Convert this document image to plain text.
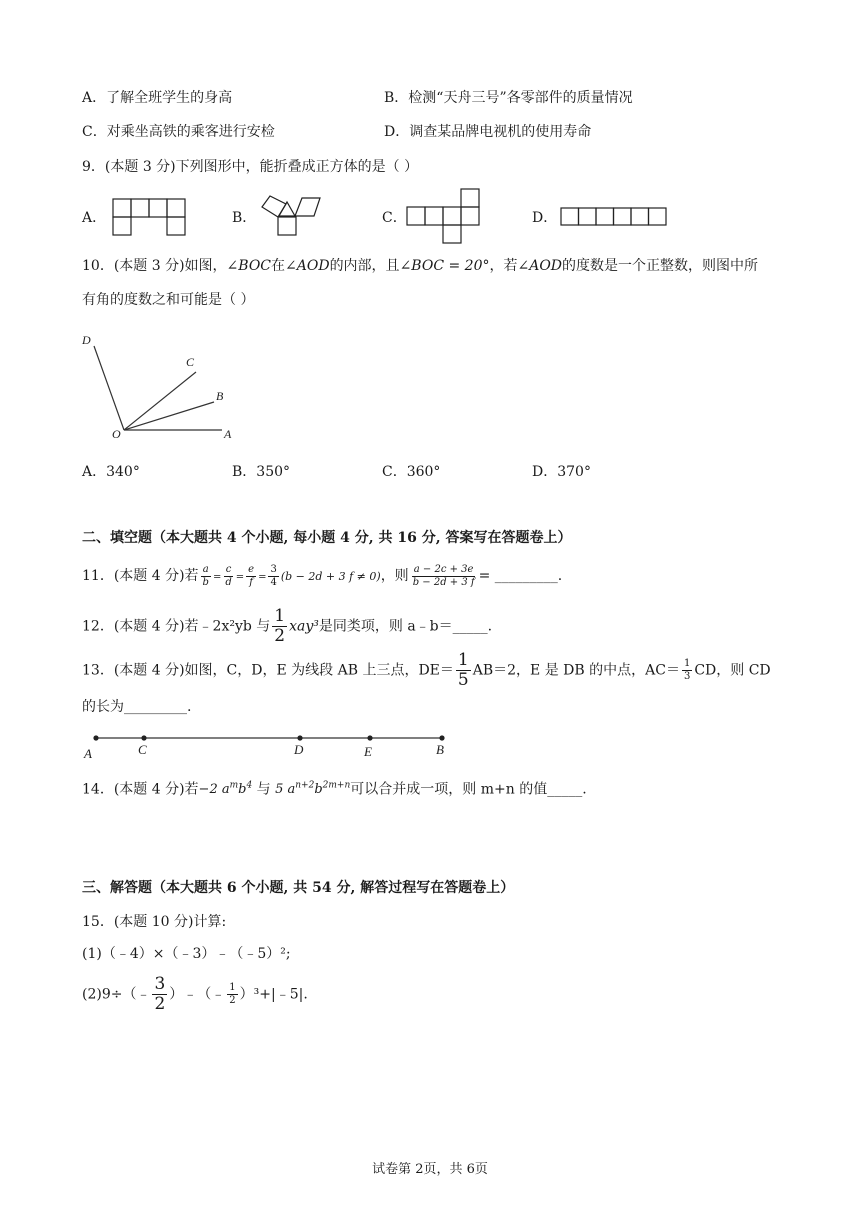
A．了解全班学生的身高	B．检测“天舟三号”各零部件的质量情况
C．对乘坐高铁的乘客进行安检	D．调查某品牌电视机的使用寿命
9．(本题 3 分)下列图形中，能折叠成正方体的是（ ）
A．	B．	C．	D．
10．(本题 3 分)如图，∠BOC在∠AOD的内部，且∠BOC = 20°，若∠AOD的度数是一个正整数，则图中所
有角的度数之和可能是（ ）
D
C
B
O	A
A．340°	B．350°	C．360°	D．370°
二、填空题（本大题共 4 个小题, 每小题 4 分, 共 16 分, 答案写在答题卷上）
11．(本题 4 分)若 $\frac{a}{b} = \frac{c}{d} = \frac{e}{f} = \frac{3}{4} (b - 2d + 3$ f ≠ 0)，则 $\frac{a - 2c + 3e}{b - 2d + 3 f}$ = _________.
12．(本题 4 分)若﹣2x²yb 与 $\frac{1}{2} xay^3$是同类项，则 a﹣b＝_____.
13．(本题 4 分)如图，C，D，E 为线段 AB 上三点，$DE= \frac{1}{5} AB=2$，E 是 DB 的中点，$AC= \frac{1}{3}$ CD，则 CD
的长为_________.
A	C	D	E	B
14．(本题 4 分)若−2 $a^mb^4$ 与 5 $a^{n+2}b^{2m+n}$可以合并成一项，则 m+n 的值_____.
三、解答题（本大题共 6 个小题, 共 54 分, 解答过程写在答题卷上）
15．(本题 10 分)计算:
(1)（﹣4）×（﹣3）﹣（﹣5）²;
(2)9÷（﹣ $\frac{3}{2}$ ）﹣（﹣ $\frac{1}{2}$ ）³+|﹣5|.
试卷第 2页，共 6页
